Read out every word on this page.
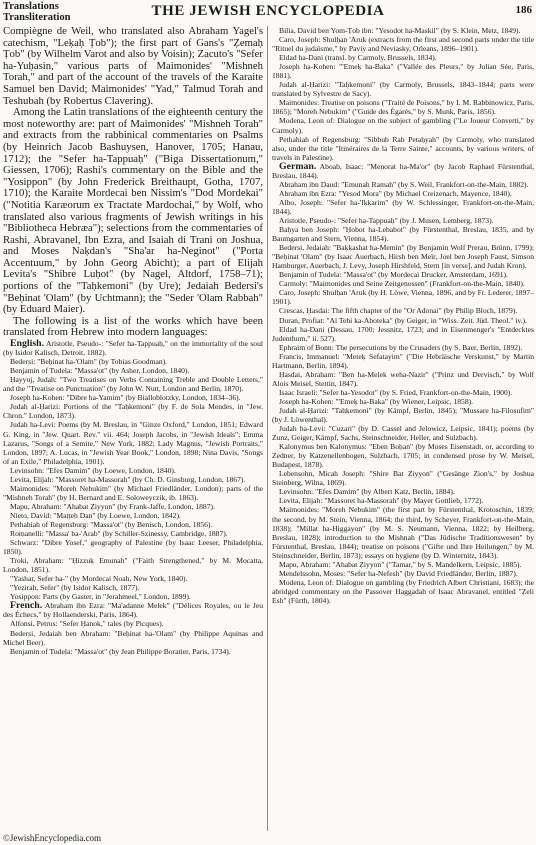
Translations
Transliteration	THE JEWISH ENCYCLOPEDIA	186

Compiègne de Weil, who translated also Abraham Yagel's catechism, "Leḳaḥ Ṭob"); the first part of Gans's "Ẓemaḥ Ṭob" (by Wilhelm Varot and also by Voisin); Zacuto's "Sefer ha-Yuḥasin," various parts of Maimonides' "Mishneh Torah," and part of the account of the travels of the Karaite Samuel ben David; Maimonides' "Yad," Talmud Torah and Teshubah (by Robertus Clavering).

Among the Latin translations of the eighteenth century the most noteworthy are: part of Maimonides' "Mishneh Torah" and extracts from the rabbinical commentaries on Psalms (by Heinrich Jacob Bashuysen, Hanover, 1705; Hanau, 1712); the "Sefer ha-Tappuaḥ" ("Biga Dissertationum," Giessen, 1706); Rashi's commentary on the Bible and the "Yosippon" (by John Frederick Breithaupt, Gotha, 1707, 1710); the Karaite Mordecai ben Nissim's "Dod Mordekai" ("Notitia Karæorum ex Tractate Mardochai," by Wolf, who translated also various fragments of Jewish writings in his "Bibliotheca Hebræa"); selections from the commentaries of Rashi, Abravanel, Ibn Ezra, and Isaiah di Trani on Joshua, and Moses Naḳdan's "Sha'ar ha-Neginot" ("Porta Accentuum," by John Georg Abicht); a part of Elijah Levita's "Shibre Luḥot" (by Nagel, Altdorf, 1758–71); portions of the "Taḥkemoni" (by Ure); Jedaiah Bedersi's "Beḥinat 'Olam" (by Uchtmann); the "Seder 'Olam Rabbah" (by Eduard Maier).

The following is a list of the works which have been translated from Hebrew into modern languages:

English. Aristotle, Pseudo-: "Sefer ha-Tappuaḥ," on the immortality of the soul (by Isidor Kalisch, Detroit, 1882).

Bedersi: "Beḥinat ha-'Olam" (by Tobias Goodman).

Benjamin of Tudela: "Massa'ot" (by Asher, London, 1840).

Ḥayyuj, Judah: "Two Treatises on Verbs Containing Treble and Double Letters," and the "Treatise on Punctuation" (by John W. Nutt, London and Berlin, 1870).

Joseph ha-Kohen: "Dibre ha-Yamim" (by Bialloblotzky, London, 1834–36).

Judah al-Ḥarizi: Portions of the "Taḥkemoni" (by F. de Sola Mendes, in "Jew. Chron." London, 1873).

Judah ha-Levi: Poems (by M. Breslau, in "Ginze Oxford," London, 1851; Edward G. King, in "Jew. Quart. Rev." vii. 464; Joseph Jacobs, in "Jewish Ideals"; Emma Lazarus, "Songs of a Semite," New York, 1882; Lady Magnus, "Jewish Portraits," London, 1897; A. Lucas, in "Jewish Year Book," London, 1898; Nina Davis, "Songs of an Exile," Philadelphia, 1901).

Levinsohn: "Efes Damim" (by Loewe, London, 1840).

Levita, Elijah: "Massoret ha-Massorah" (by Ch. D. Ginsburg, London, 1867).

Maimonides: "Moreh Nebukim" (by Michael Friedländer, London); parts of the "Mishneh Torah" (by H. Bernard and E. Soloweyczik, ib. 1863).

Mapu, Abraham: "Ahabat Ẓiyyon" (by Frank-Jaffe, London, 1887).

Nieto, David: "Maṭṭeh Dan" (by Loewe, London, 1842).

Pethahiah of Regensburg: "Massa'ot" (by Benisch, London, 1856).

Romanelli: "Massa' ba-'Arab" (by Schiller-Szinessy, Cambridge, 1887).

Schwarz: "Dibre Yosef," geography of Palestine (by Isaac Leeser, Philadelphia, 1850).

Troki, Abraham: "Ḥizzuḳ Emunah" ("Faith Strengthened," by M. Mocatta, London, 1851).

"Yashar, Sefer ha-" (by Mordecai Noah, New York, 1840).

"Yeẓirah, Sefer" (by Isidor Kalisch, 1877).

Yosippon: Parts (by Gaster, in "Jerahmeel," London, 1899).

French. Abraham ibn Ezra: "Ma'adanne Melek" ("Délices Royales, ou le Jeu des Échecs," by Hollaenderski, Paris, 1864).

Alfonsi, Petrus: "Sefer Ḥanok," tales (by Picques).

Bedersi, Jedaiah ben Abraham: "Beḥinat ha-'Olam" (by Philippe Aquinas and Michel Beer).

Benjamin of Tudela: "Massa'ot" (by Jean Philippe Boratier, Paris, 1734).

Bilia, David ben Yom-Ṭob ibn: "Yesodot ha-Maskil" (by S. Klein, Metz, 1849).

Caro, Joseph: Shulḥan 'Aruk (extracts from the first and second parts under the title "Rituel du judaïsme," by Paviy and Neviasky, Orleans, 1896–1901).

Eldad ha-Dani (transl. by Carmoly, Brussels, 1834).

Joseph ha-Kohen: "'Emeḳ ha-Baka" ("Vallée des Pleurs," by Julian Sée, Paris, 1881).

Judah al-Ḥarizi: "Taḥkemoni" (by Carmoly, Brussels, 1843–1844; parts were translated by Sylvestre de Sacy).

Maimonides: Treatise on poisons ("Traité de Poisons," by I. M. Rabbinowicz, Paris, 1865); "Moreh Nebukim" ("Guide des Égarés," by S. Munk, Paris, 1856).

Modena, Leon of: Dialogue on the subject of gambling ("Le Joueur Converti," by Carmoly).

Pethahiah of Regensburg: "Sibbub Rab Petaḥyah" (by Carmoly, who translated also, under the title "Itinéraires de la Terre Sainte," accounts, by various writers, of travels in Palestine).

German. Aboab, Isaac: "Menorat ha-Ma'or" (by Jacob Raphael Fürstenthal, Breslau, 1844).

Abraham ibn Daud: "Emunah Ramah" (by S. Weil, Frankfort-on-the-Main, 1882).

Abraham ibn Ezra: "Yesod Mora" (by Michael Creizenach, Mayence, 1840).

Albo, Joseph: "Sefer ha-'Iḳḳarim" (by W. Schlessinger, Frankfort-on-the-Main, 1844).

Aristotle, Pseudo-: "Sefer ha-Tappuaḥ" (by J. Musen, Lemberg, 1873).

Baḥya ben Joseph: "Ḥobot ha-Lebabot" (by Fürstenthal, Breslau, 1835, and by Baumgarten and Stern, Vienna, 1854).

Bedersi, Jedaiah: "Baḳḳashat ha-Memin" (by Benjamin Wolf Prerau, Brünn, 1799); "Beḥinat 'Olam" (by Isaac Auerbach, Hirsh ben Meïr, Joel ben Joseph Faust, Simson Hamburger, Auerbach, J. Levy, Joseph Hirshfeld, Stern [in verse], and Judah Kron).

Benjamin of Tudela: "Massa'ot" (by Mordecai Drucker, Amsterdam, 1691).

Carmoly: "Maimonides und Seine Zeitgenossen" (Frankfort-on-the-Main, 1840).

Caro, Joseph: Shulḥan 'Aruk (by H. Löwe, Vienna, 1896, and by Fr. Lederer, 1897–1901).

Crescas, Ḥasdai: The fifth chapter of the "Or Adonai" (by Philip Bloch, 1879).

Duran, Profiat: "Al Tehi ka-Aboteka" (by Geiger, in "Wiss. Zeit. Jüd. Theol." iv.).

Eldad ha-Dani (Dessau, 1700; Jessnitz, 1723; and in Eisenmenger's "Entdecktes Judenthum," ii. 527).

Ephraim of Bonn: The persecutions by the Crusaders (by S. Baer, Berlin, 1892).

Francis, Immanuel: "Meteḳ Sefatayim" ("Die Hebräische Verskunst," by Martin Hartmann, Berlin, 1894).

Ḥasdai, Abraham: "Ben ha-Melek weha-Nazir" ("Prinz und Dervisch," by Wolf Alois Meisel, Stettin, 1847).

Isaac Israeli: "Sefer ha-Yesodot" (by S. Fried, Frankfort-on-the-Main, 1900).

Joseph ha-Kohen: "'Emeḳ ha-Baka" (by Wiener, Leipsic, 1858).

Judah al-Ḥarizi: "Taḥkemoni" (by Kämpf, Berlin, 1845); "Mussare ha-Filosufim" (by J. Löwenthal).

Judah ha-Levi: "Cuzari" (by D. Cassel and Jelowicz, Leipsic, 1841); poems (by Zunz, Geiger, Kämpf, Sachs, Steinschneider, Heller, and Sulzbach).

Kalonymus ben Kalonymus: "Eben Boḥan" (by Moses Eisenstadt, or, according to Zedner, by Katzenellenbogen, Sulzbach, 1705; in condensed prose by W. Meisel, Budapest, 1878).

Lebensohn, Micah Joseph: "Shire Bat Ẓiyyon" ("Gesänge Zion's," by Joshua Steinberg, Wilna, 1869).

Levinsohn: "Efes Damim" (by Albert Katz, Berlin, 1884).

Levita, Elijah: "Massoret ha-Massorah" (by Mayer Gottlieb, 1772).

Maimonides: "Moreh Nebukim" (the first part by Fürstenthal, Krotoschin, 1839; the second, by M. Stein, Vienna, 1864; the third, by Scheyer, Frankfort-on-the-Main, 1838); "Millat ha-Higgayon" (by M. S. Neumann, Vienna, 1822; by Heilberg, Breslau, 1828); introduction to the Mishnah ("Das Jüdische Traditionswesen" by Fürstenthal, Breslau, 1844); treatise on poisons ("Gifte und Ihre Heilungen," by M. Steinschneider, Berlin, 1873); essays on hygiene (by D. Winternitz, 1843).

Mapu, Abraham: "Ahabat Ẓiyyon" ("Tamar," by S. Mandelkern, Leipsic, 1885).

Mendelssohn, Moses: "Sefer ha-Nefesh" (by David Friedländer, Berlin, 1887).

Modena, Leon of: Dialogue on gambling (by Friedrich Albert Christiani, 1683); the abridged commentary on the Passover Haggadah of Isaac Abravanel, entitled "Ẓeli Esh" (Fürth, 1804).

©JewishEncyclopedia.com
